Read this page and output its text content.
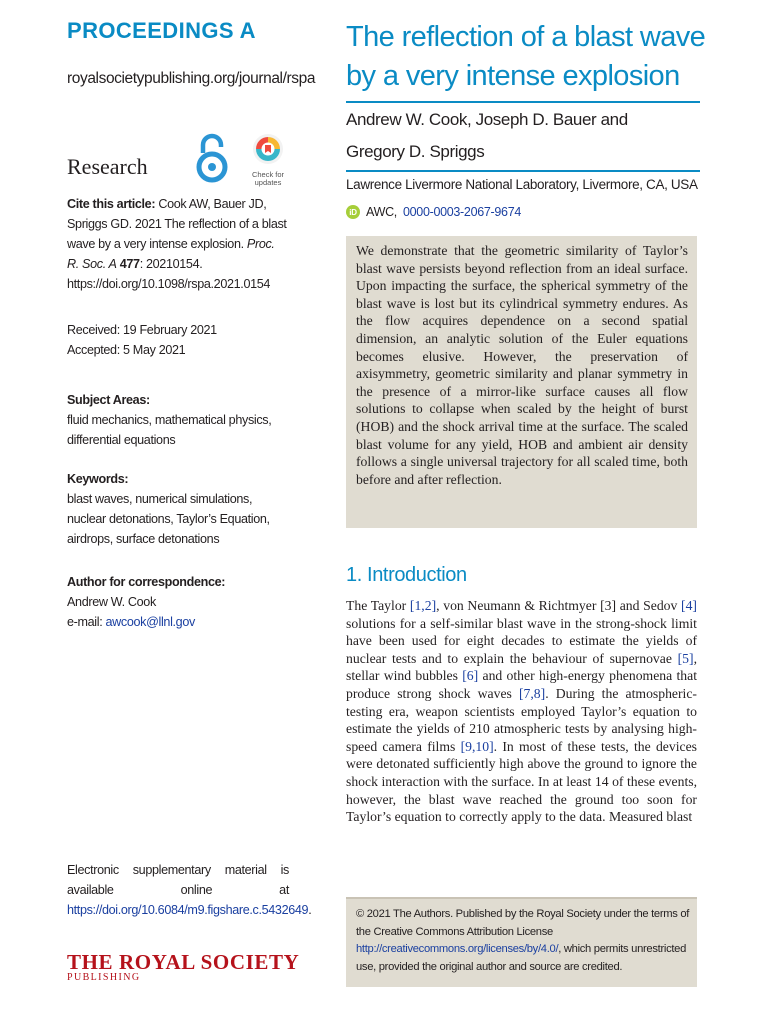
PROCEEDINGS A
royalsocietypublishing.org/journal/rspa
Research	Check for
updates
Cite this article: Cook AW, Bauer JD, Spriggs GD. 2021 The reflection of a blast wave by a very intense explosion. Proc. R. Soc. A 477: 20210154. https://doi.org/10.1098/rspa.2021.0154
Received: 19 February 2021
Accepted: 5 May 2021
Subject Areas:
fluid mechanics, mathematical physics, differential equations
Keywords:
blast waves, numerical simulations, nuclear detonations, Taylor’s Equation, airdrops, surface detonations
Author for correspondence:
Andrew W. Cook
e-mail: awcook@llnl.gov
Electronic supplementary material is available online at https://doi.org/10.6084/m9.figshare.c.5432649.
THE ROYAL SOCIETY
PUBLISHING
The reflection of a blast wave by a very intense explosion
Andrew W. Cook, Joseph D. Bauer and
Gregory D. Spriggs
Lawrence Livermore National Laboratory, Livermore, CA, USA
iD AWC, 0000-0003-2067-9674
We demonstrate that the geometric similarity of Taylor’s blast wave persists beyond reflection from an ideal surface. Upon impacting the surface, the spherical symmetry of the blast wave is lost but its cylindrical symmetry endures. As the flow acquires dependence on a second spatial dimension, an analytic solution of the Euler equations becomes elusive. However, the preservation of axisymmetry, geometric similarity and planar symmetry in the presence of a mirror-like surface causes all flow solutions to collapse when scaled by the height of burst (HOB) and the shock arrival time at the surface. The scaled blast volume for any yield, HOB and ambient air density follows a single universal trajectory for all scaled time, both before and after reflection.
1. Introduction
The Taylor [1,2], von Neumann & Richtmyer [3] and Sedov [4] solutions for a self-similar blast wave in the strong-shock limit have been used for eight decades to estimate the yields of nuclear tests and to explain the behaviour of supernovae [5], stellar wind bubbles [6] and other high-energy phenomena that produce strong shock waves [7,8]. During the atmospheric-testing era, weapon scientists employed Taylor’s equation to estimate the yields of 210 atmospheric tests by analysing high-speed camera films [9,10]. In most of these tests, the devices were detonated sufficiently high above the ground to ignore the shock interaction with the surface. In at least 14 of these events, however, the blast wave reached the ground too soon for Taylor’s equation to correctly apply to the data. Measured blast
© 2021 The Authors. Published by the Royal Society under the terms of the Creative Commons Attribution License http://creativecommons.org/licenses/by/4.0/, which permits unrestricted use, provided the original author and source are credited.
